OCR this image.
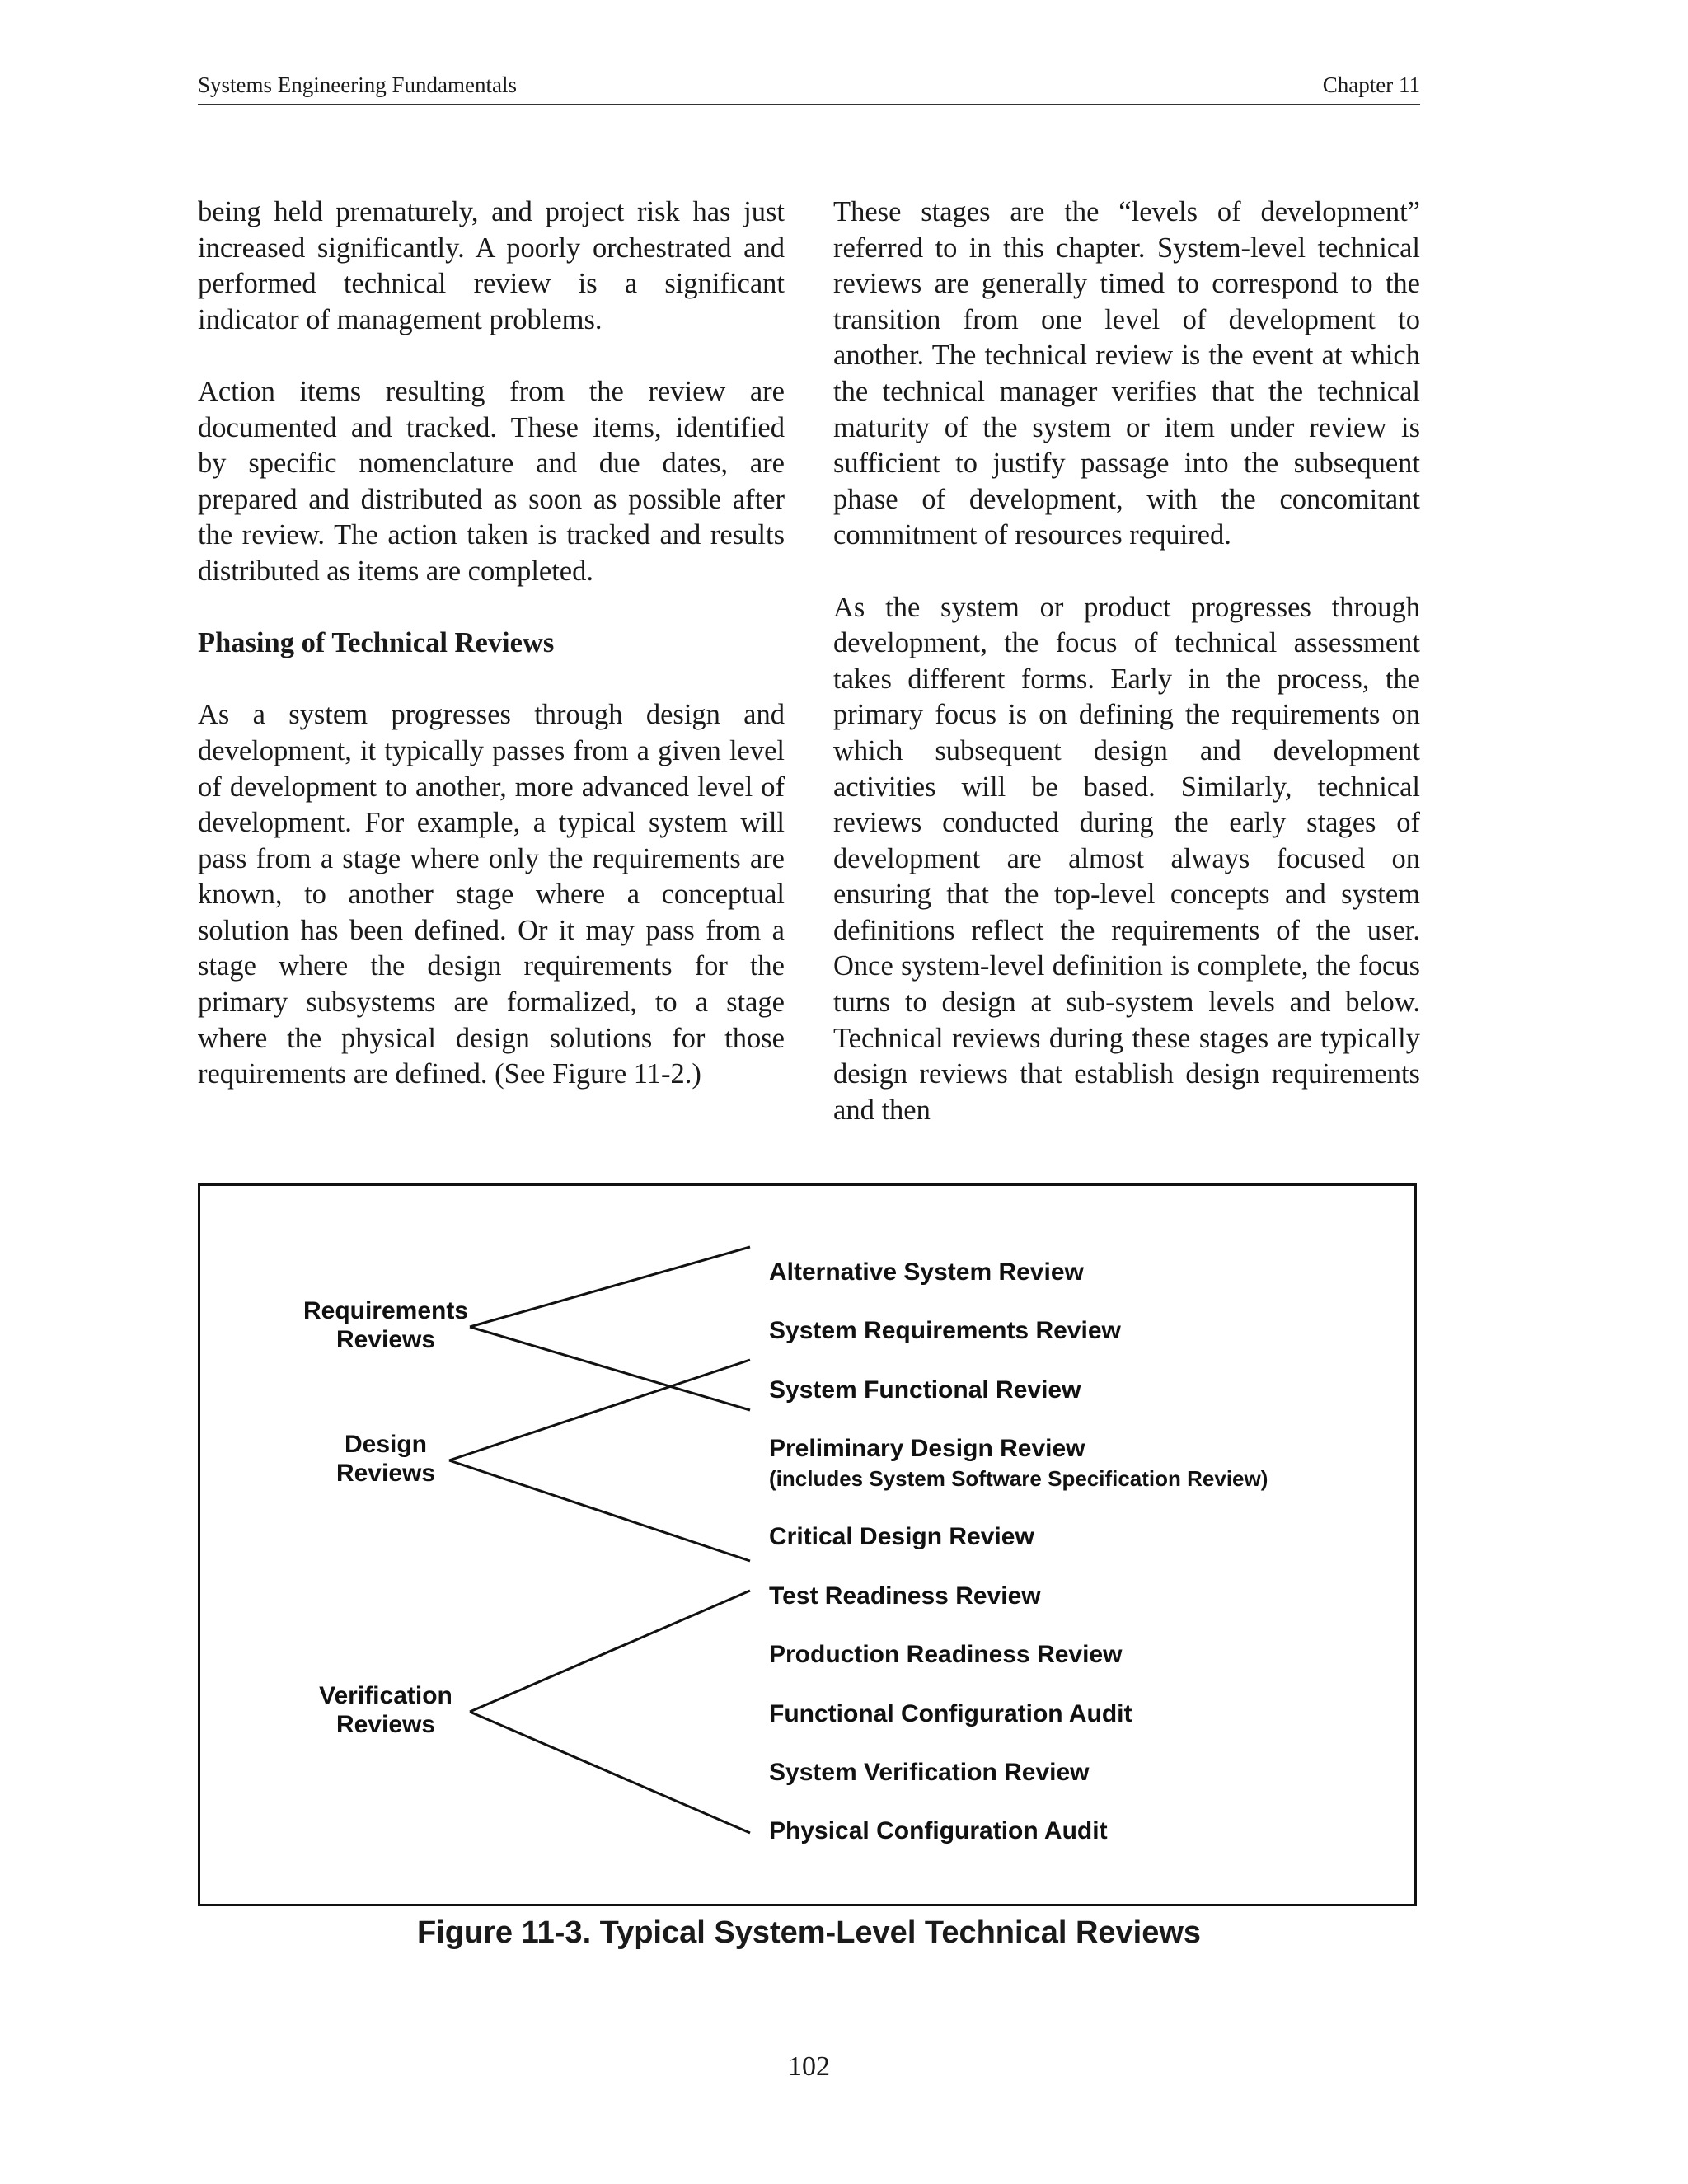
Systems Engineering Fundamentals	Chapter 11

being held prematurely, and project risk has just increased significantly. A poorly orchestrated and performed technical review is a significant indicator of management problems.

Action items resulting from the review are documented and tracked. These items, identified by specific nomenclature and due dates, are prepared and distributed as soon as possible after the review. The action taken is tracked and results distributed as items are completed.

Phasing of Technical Reviews

As a system progresses through design and development, it typically passes from a given level of development to another, more advanced level of development. For example, a typical system will pass from a stage where only the requirements are known, to another stage where a conceptual solution has been defined. Or it may pass from a stage where the design requirements for the primary subsystems are formalized, to a stage where the physical design solutions for those requirements are defined. (See Figure 11-2.)

These stages are the “levels of development” referred to in this chapter. System-level technical reviews are generally timed to correspond to the transition from one level of development to another. The technical review is the event at which the technical manager verifies that the technical maturity of the system or item under review is sufficient to justify passage into the subsequent phase of development, with the concomitant commitment of resources required.

As the system or product progresses through development, the focus of technical assessment takes different forms. Early in the process, the primary focus is on defining the requirements on which subsequent design and development activities will be based. Similarly, technical reviews conducted during the early stages of development are almost always focused on ensuring that the top-level concepts and system definitions reflect the requirements of the user. Once system-level definition is complete, the focus turns to design at sub-system levels and below. Technical reviews during these stages are typically design reviews that establish design requirements and then

Requirements
Reviews
Design
Reviews
Verification
Reviews
Alternative System Review
System Requirements Review
System Functional Review
Preliminary Design Review
(includes System Software Specification Review)
Critical Design Review
Test Readiness Review
Production Readiness Review
Functional Configuration Audit
System Verification Review
Physical Configuration Audit
Figure 11-3. Typical System-Level Technical Reviews
102
